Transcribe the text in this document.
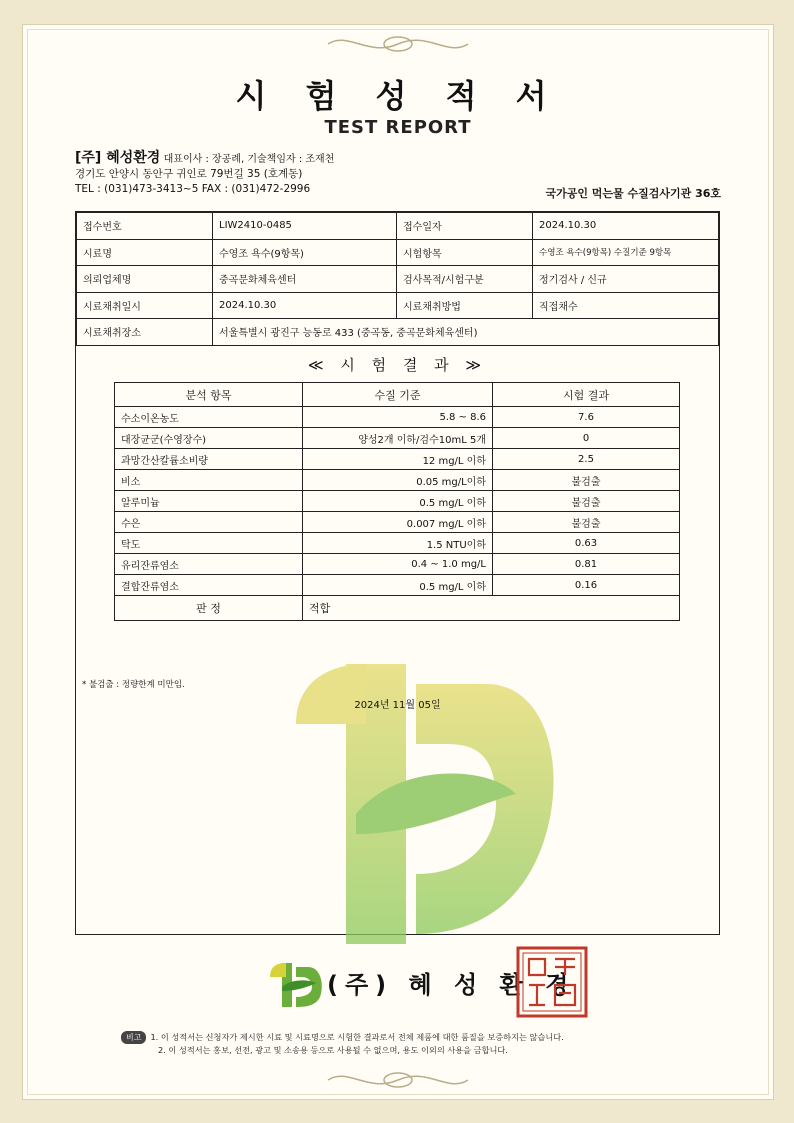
시 험 성 적 서
TEST REPORT
[주] 혜성환경 대표이사 : 장공례, 기술책임자 : 조재천
경기도 안양시 동안구 귀인로 79번길 35 (호계동)
TEL : (031)473-3413~5 FAX : (031)472-2996	국가공인 먹는물 수질검사기관 36호
접수번호	LIW2410-0485	접수일자	2024.10.30
시료명	수영조 욕수(9항목)	시험항목	수영조 욕수(9항목) 수질기준 9항목
의뢰업체명	중곡문화체육센터	검사목적/시험구분	정기검사 / 신규
시료채취일시	2024.10.30	시료채취방법	직접채수
시료채취장소	서울특별시 광진구 능동로 433 (중곡동, 중곡문화체육센터)		
≪ 시 험 결 과 ≫
분석 항목	수질 기준	시험 결과
수소이온농도	5.8 ~ 8.6	7.6
대장균군(수영장수)	양성2개 이하/검수10mL 5개	0
과망간산칼륨소비량	12 mg/L 이하	2.5
비소	0.05 mg/L이하	불검출
알루미늄	0.5 mg/L 이하	불검출
수은	0.007 mg/L 이하	불검출
탁도	1.5 NTU이하	0.63
유리잔류염소	0.4 ~ 1.0 mg/L	0.81
결합잔류염소	0.5 mg/L 이하	0.16
판 정	적합	
* 불검출 : 정량한계 미만임.
2024년 11월 05일
(주) 혜 성 환 경
비고 1. 이 성적서는 신청자가 제시한 시료 및 시료명으로 시험한 결과로서 전체 제품에 대한 품질을 보증하지는 않습니다.
2. 이 성적서는 홍보, 선전, 광고 및 소송용 등으로 사용될 수 없으며, 용도 이외의 사용을 금합니다.
